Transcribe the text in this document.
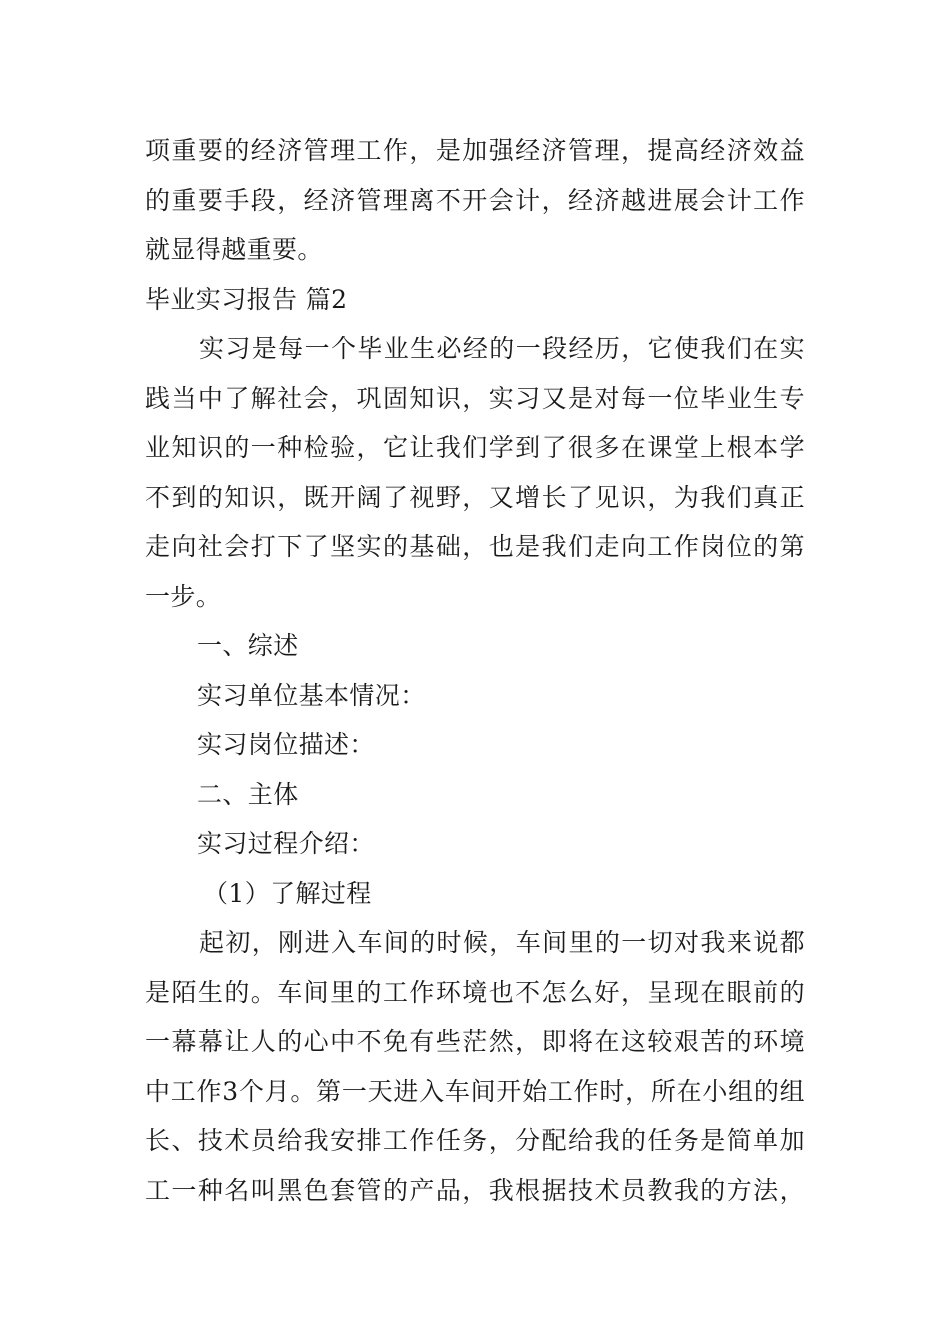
项重要的经济管理工作，是加强经济管理，提高经济效益
的重要手段，经济管理离不开会计，经济越进展会计工作
就显得越重要。
毕业实习报告 篇2
实习是每一个毕业生必经的一段经历，它使我们在实
践当中了解社会，巩固知识，实习又是对每一位毕业生专
业知识的一种检验，它让我们学到了很多在课堂上根本学
不到的知识，既开阔了视野，又增长了见识，为我们真正
走向社会打下了坚实的基础，也是我们走向工作岗位的第
一步。
一、综述
实习单位基本情况：
实习岗位描述：
二、主体
实习过程介绍：
（1）了解过程
起初，刚进入车间的时候，车间里的一切对我来说都
是陌生的。车间里的工作环境也不怎么好，呈现在眼前的
一幕幕让人的心中不免有些茫然，即将在这较艰苦的环境
中工作3个月。第一天进入车间开始工作时，所在小组的组
长、技术员给我安排工作任务，分配给我的任务是简单加
工一种名叫黑色套管的产品，我根据技术员教我的方法，
